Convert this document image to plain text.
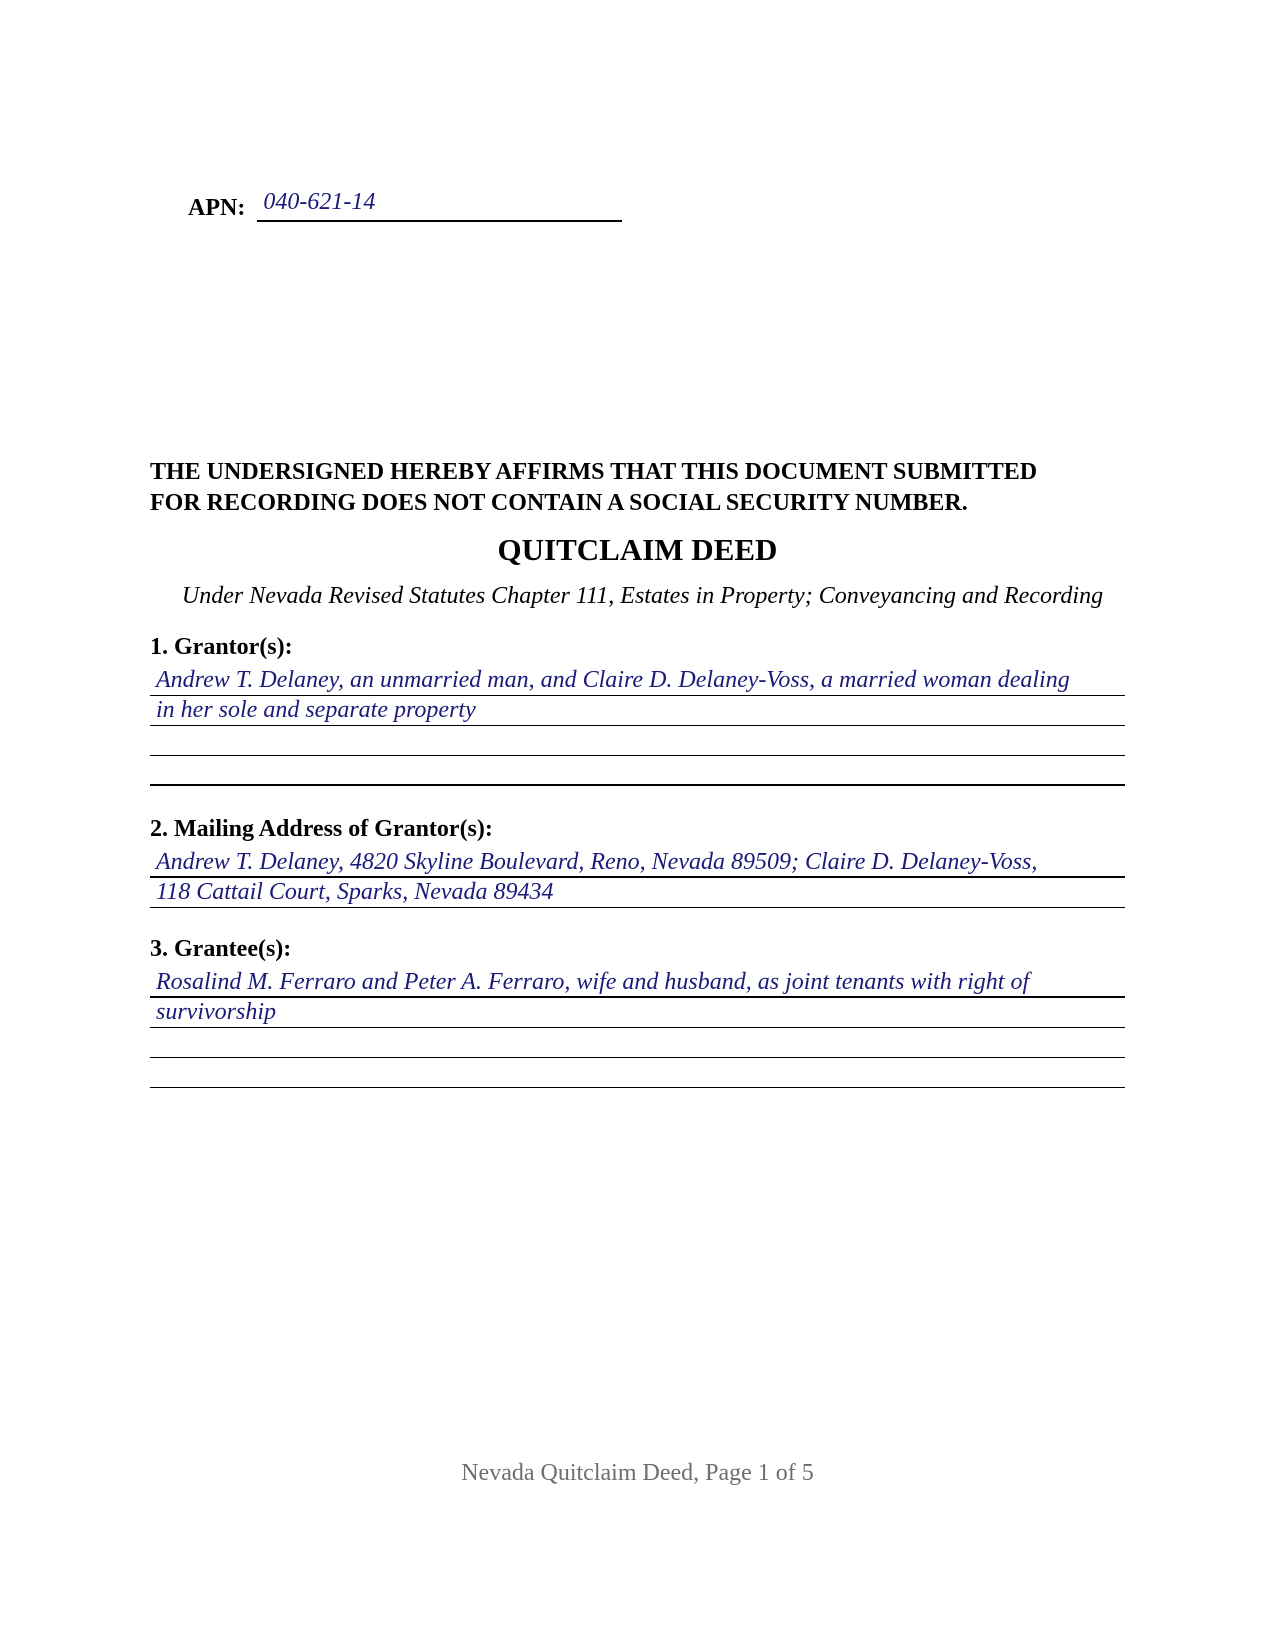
APN: 040-621-14
THE UNDERSIGNED HEREBY AFFIRMS THAT THIS DOCUMENT SUBMITTED
FOR RECORDING DOES NOT CONTAIN A SOCIAL SECURITY NUMBER.
QUITCLAIM DEED
Under Nevada Revised Statutes Chapter 111, Estates in Property; Conveyancing and Recording
1. Grantor(s):
Andrew T. Delaney, an unmarried man, and Claire D. Delaney-Voss, a married woman dealing
in her sole and separate property
2. Mailing Address of Grantor(s):
Andrew T. Delaney, 4820 Skyline Boulevard, Reno, Nevada 89509; Claire D. Delaney-Voss,
118 Cattail Court, Sparks, Nevada 89434
3. Grantee(s):
Rosalind M. Ferraro and Peter A. Ferraro, wife and husband, as joint tenants with right of
survivorship
Nevada Quitclaim Deed, Page 1 of 5
